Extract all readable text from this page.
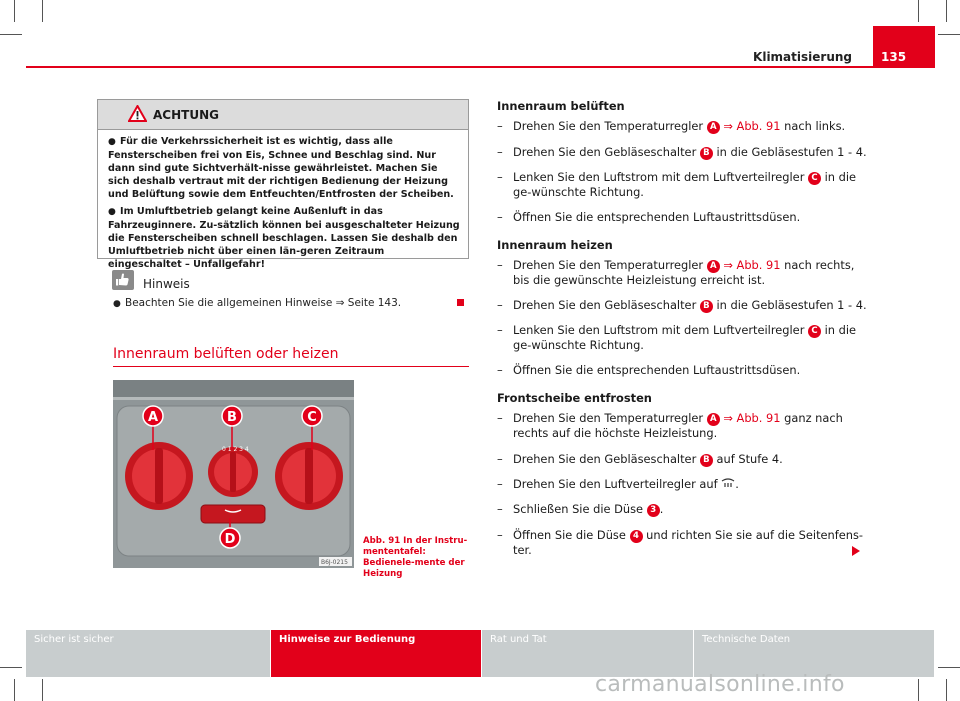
Klimatisierung	135
ACHTUNG

● Für die Verkehrssicherheit ist es wichtig, dass alle Fensterscheiben frei von Eis, Schnee und Beschlag sind. Nur dann sind gute Sichtverhält-nisse gewährleistet. Machen Sie sich deshalb vertraut mit der richtigen Bedienung der Heizung und Belüftung sowie dem Entfeuchten/Entfrosten der Scheiben.

● Im Umluftbetrieb gelangt keine Außenluft in das Fahrzeuginnere. Zu-sätzlich können bei ausgeschalteter Heizung die Fensterscheiben schnell beschlagen. Lassen Sie deshalb den Umluftbetrieb nicht über einen län-geren Zeitraum eingeschaltet – Unfallgefahr!

Hinweis
● Beachten Sie die allgemeinen Hinweise ⇒ Seite 143.
Innenraum belüften oder heizen
0 1 2 3 4
A	B	C
D
B6J-0215
Abb. 91 In der Instru-mententafel: Bedienele-mente der Heizung
Innenraum belüften
– Drehen Sie den Temperaturregler A ⇒ Abb. 91 nach links.
– Drehen Sie den Gebläseschalter B in die Gebläsestufen 1 - 4.
– Lenken Sie den Luftstrom mit dem Luftverteilregler C in die ge-wünschte Richtung.
– Öffnen Sie die entsprechenden Luftaustrittsdüsen.
Innenraum heizen
– Drehen Sie den Temperaturregler A ⇒ Abb. 91 nach rechts, bis die gewünschte Heizleistung erreicht ist.
– Drehen Sie den Gebläseschalter B in die Gebläsestufen 1 - 4.
– Lenken Sie den Luftstrom mit dem Luftverteilregler C in die ge-wünschte Richtung.
– Öffnen Sie die entsprechenden Luftaustrittsdüsen.
Frontscheibe entfrosten
– Drehen Sie den Temperaturregler A ⇒ Abb. 91 ganz nach rechts auf die höchste Heizleistung.
– Drehen Sie den Gebläseschalter B auf Stufe 4.
– Drehen Sie den Luftverteilregler auf .
– Schließen Sie die Düse 3 .
– Öffnen Sie die Düse 4 und richten Sie sie auf die Seitenfens-ter.
Sicher ist sicher	Hinweise zur Bedienung	Rat und Tat	Technische Daten
carmanualsonline.info
